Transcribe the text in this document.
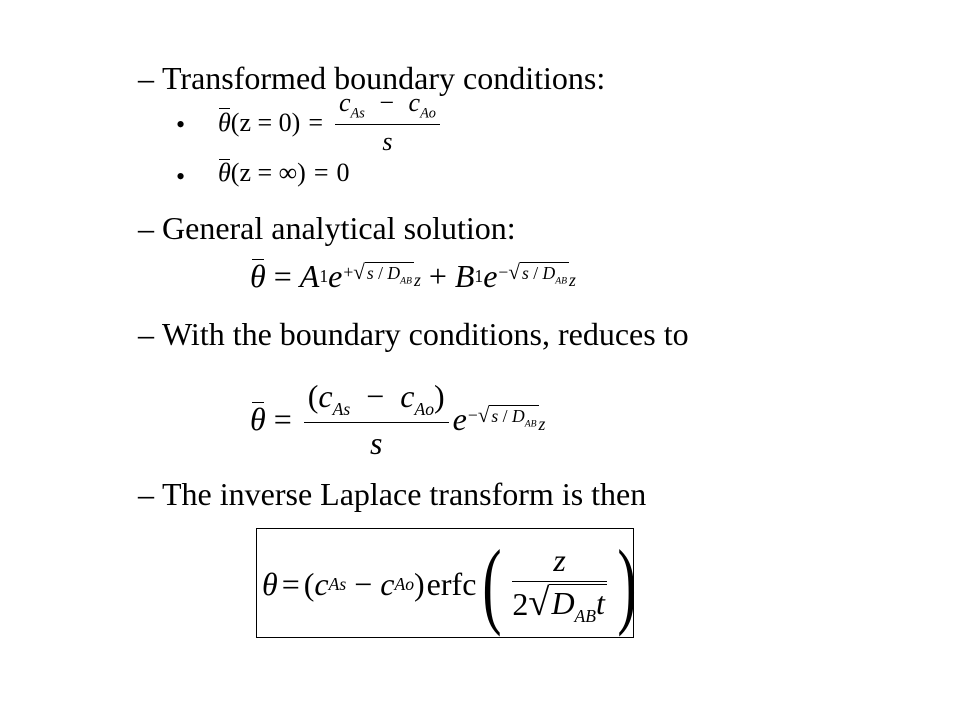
– Transformed boundary conditions:
• θ $(z = 0) = \frac{c_{As} - c_{Ao}}{s}$
• θ (z = ∞) = 0
– General analytical solution:
θ = A 1 e + √ s / $D_{AB}$ z + B 1 e − √ s / $D_{AB}$ z
– With the boundary conditions, reduces to
$\theta = \frac{(c_{As} - c_{Ao})}{s}$ e − √ s / $D_{AB}$ z
– The inverse Laplace transform is then
θ = ( c As − c Ao ) erfc ( $\frac{z}{2 √ D_{AB}t}$ )
